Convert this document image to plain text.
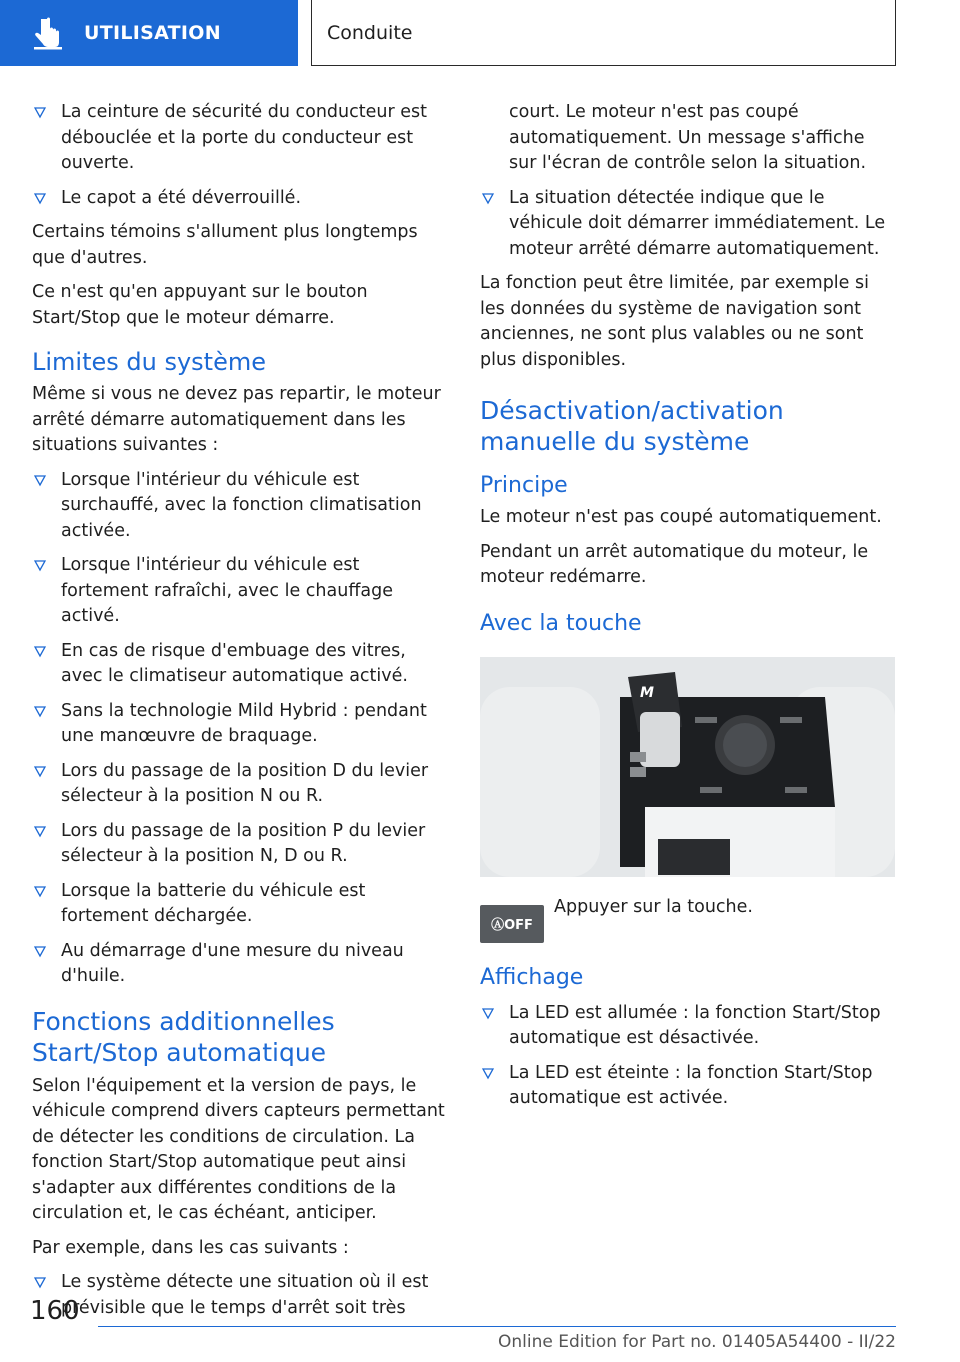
UTILISATION	Conduite
La ceinture de sécurité du conducteur est débouclée et la porte du conducteur est ouverte.
Le capot a été déverrouillé.

Certains témoins s'allument plus longtemps que d'autres.

Ce n'est qu'en appuyant sur le bouton Start/Stop que le moteur démarre.

Limites du système

Même si vous ne devez pas repartir, le moteur arrêté démarre automatiquement dans les situations suivantes :

Lorsque l'intérieur du véhicule est surchauffé, avec la fonction climatisation activée.
Lorsque l'intérieur du véhicule est fortement rafraîchi, avec le chauffage activé.
En cas de risque d'embuage des vitres, avec le climatiseur automatique activé.
Sans la technologie Mild Hybrid : pendant une manœuvre de braquage.
Lors du passage de la position D du levier sélecteur à la position N ou R.
Lors du passage de la position P du levier sélecteur à la position N, D ou R.
Lorsque la batterie du véhicule est fortement déchargée.
Au démarrage d'une mesure du niveau d'huile.
Fonctions additionnelles Start/Stop automatique

Selon l'équipement et la version de pays, le véhicule comprend divers capteurs permettant de détecter les conditions de circulation. La fonction Start/Stop automatique peut ainsi s'adapter aux différentes conditions de la circulation et, le cas échéant, anticiper.

Par exemple, dans les cas suivants :

Le système détecte une situation où il est prévisible que le temps d'arrêt soit très
court. Le moteur n'est pas coupé automatiquement. Un message s'affiche sur l'écran de contrôle selon la situation.
La situation détectée indique que le véhicule doit démarrer immédiatement. Le moteur arrêté démarre automatiquement.

La fonction peut être limitée, par exemple si les données du système de navigation sont anciennes, ne sont plus valables ou ne sont plus disponibles.

Désactivation/activation manuelle du système
Principe

Le moteur n'est pas coupé automatiquement.

Pendant un arrêt automatique du moteur, le moteur redémarre.

Avec la touche
M
ⒶOFF
Appuyer sur la touche.
Affichage
La LED est allumée : la fonction Start/Stop automatique est désactivée.
La LED est éteinte : la fonction Start/Stop automatique est activée.
160
Online Edition for Part no. 01405A54400 - II/22
